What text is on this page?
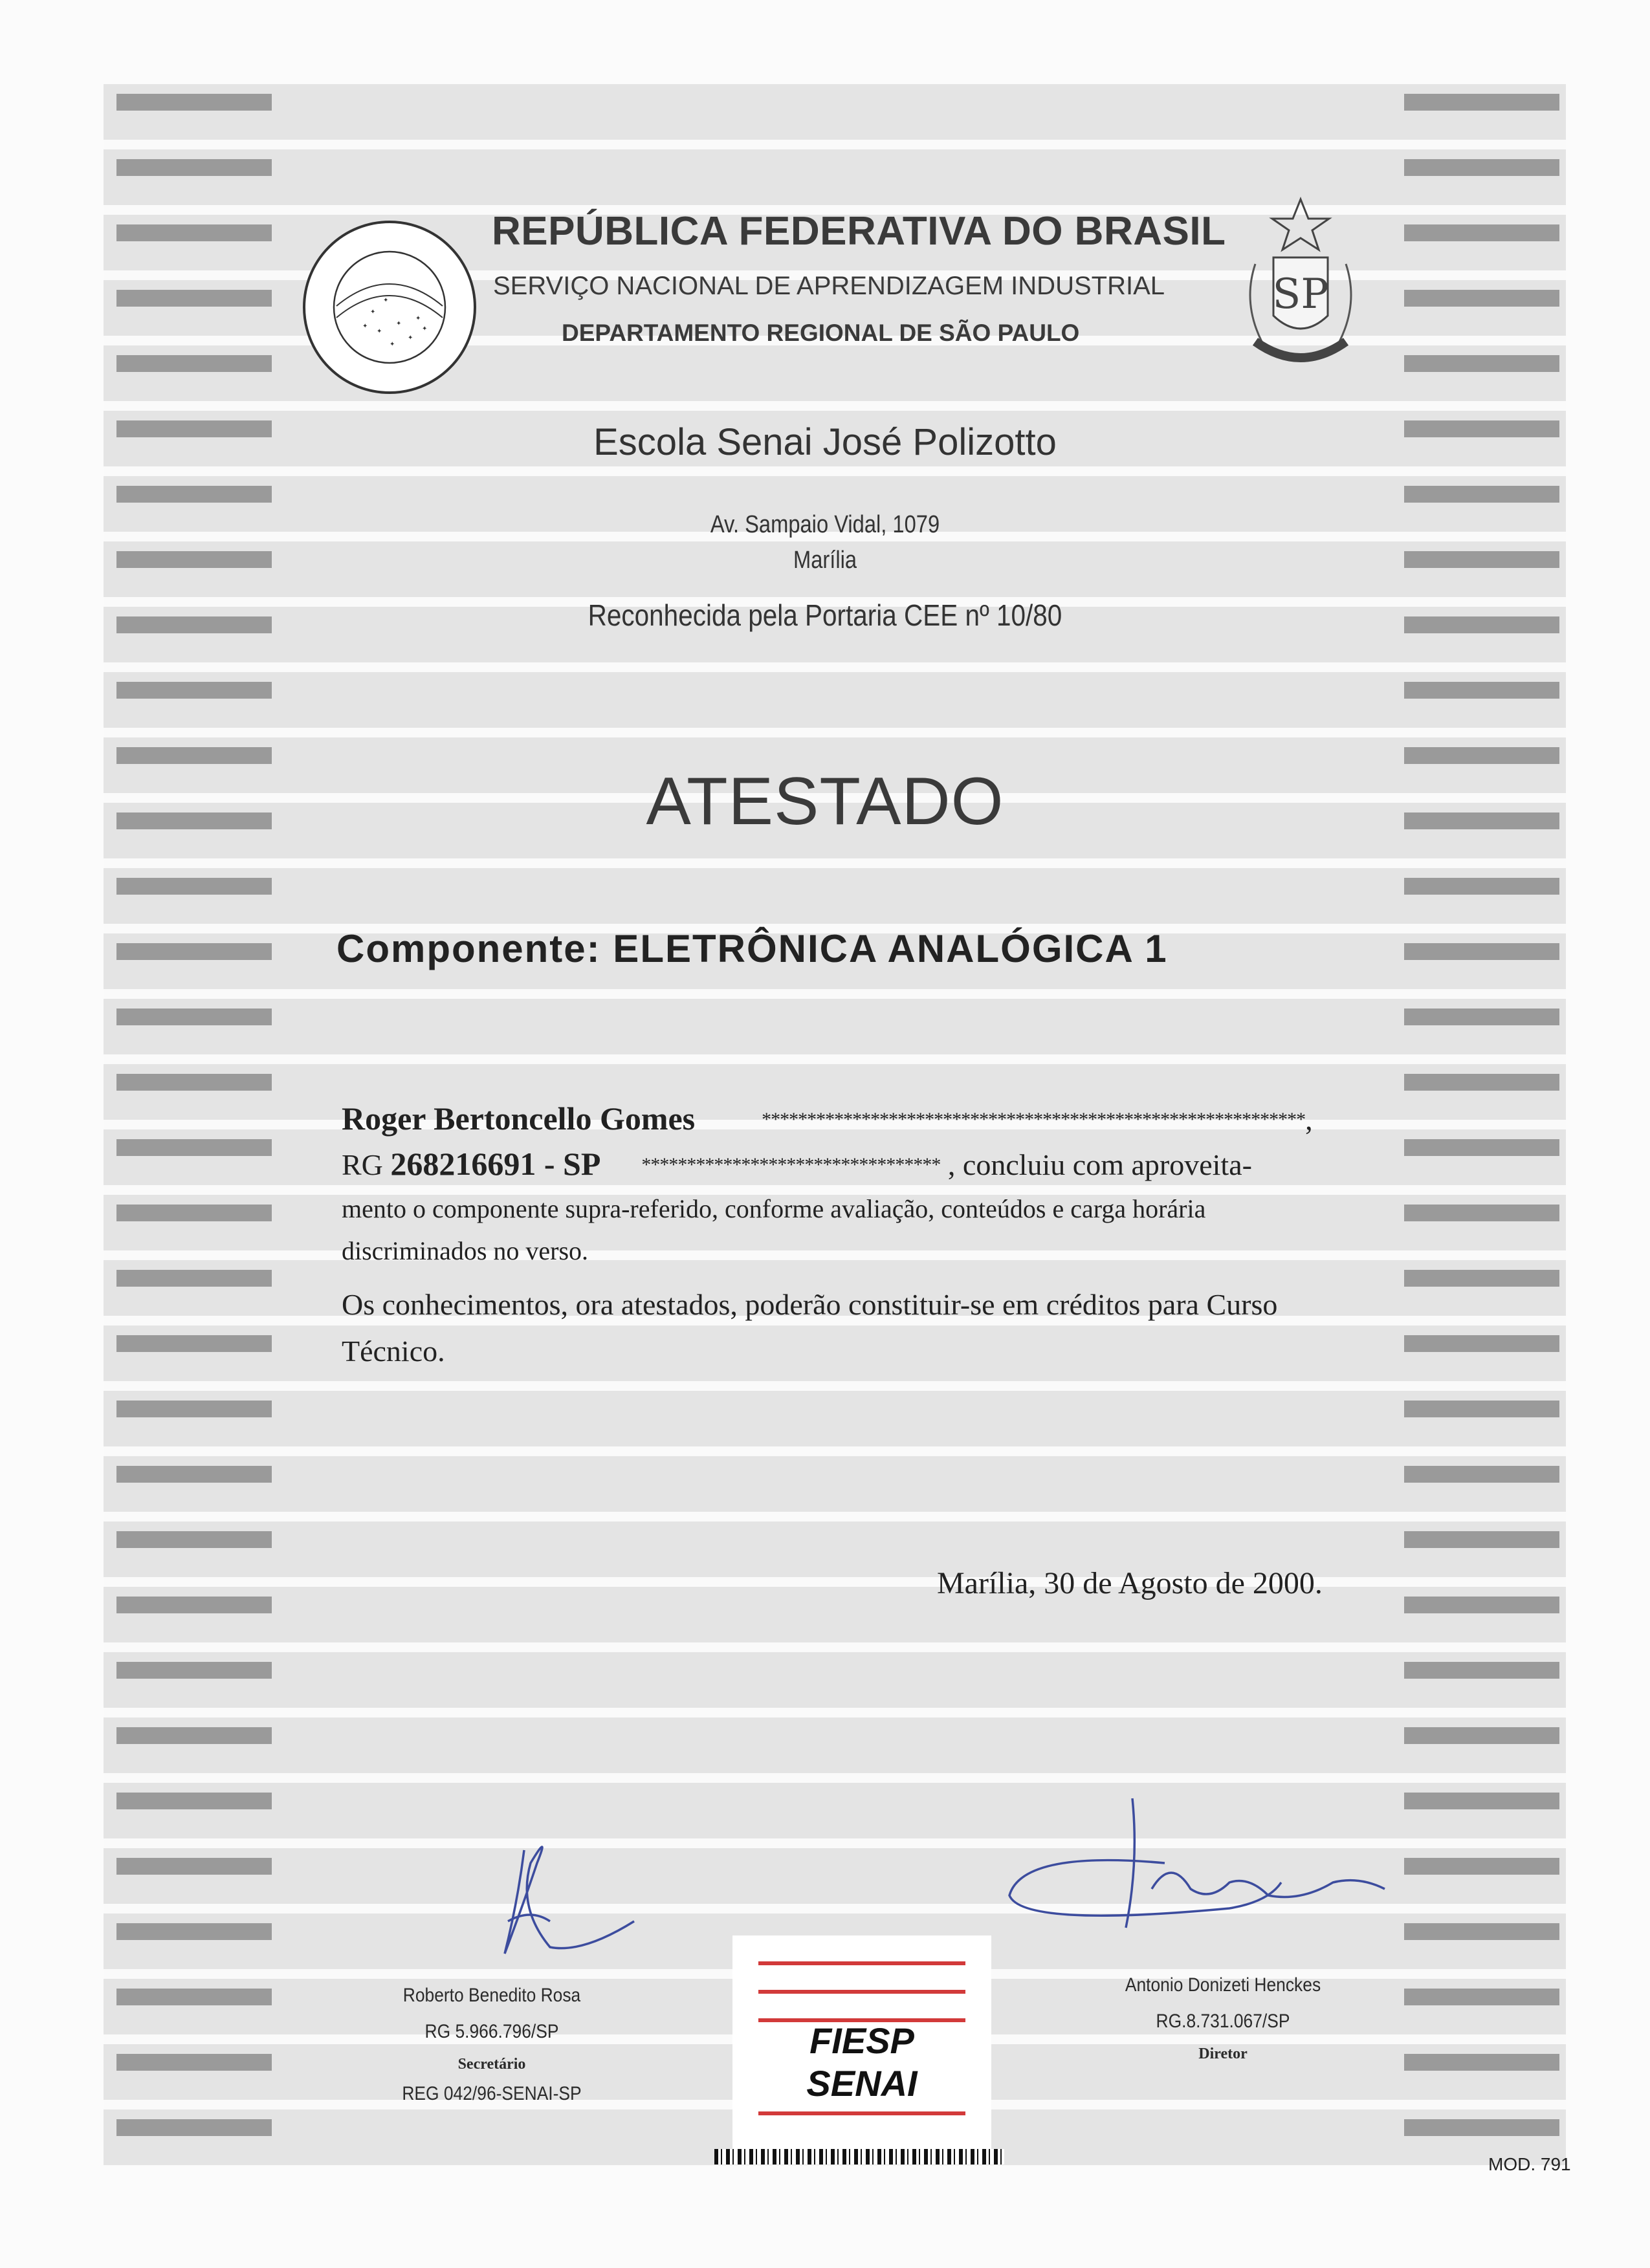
✦
✦
✦
✦
✦
✦
✦
✦
✦
SP
REPÚBLICA FEDERATIVA DO BRASIL
SERVIÇO NACIONAL DE APRENDIZAGEM INDUSTRIAL
DEPARTAMENTO REGIONAL DE SÃO PAULO
Escola Senai José Polizotto
Av. Sampaio Vidal, 1079
Marília
Reconhecida pela Portaria CEE nº 10/80
ATESTADO
Componente: ELETRÔNICA ANALÓGICA 1
Roger Bertoncello Gomes	************************************************************,
RG 268216691 - SP ********************************* , concluiu com aproveita-
mento o componente supra-referido, conforme avaliação, conteúdos e carga horária
discriminados no verso.
Os conhecimentos, ora atestados, poderão constituir-se em créditos para Curso
Técnico.
Marília, 30 de Agosto de 2000.
Roberto Benedito Rosa
RG 5.966.796/SP
Secretário
REG 042/96-SENAI-SP
Antonio Donizeti Henckes
RG.8.731.067/SP
Diretor
FIESP
SENAI
MOD. 791
